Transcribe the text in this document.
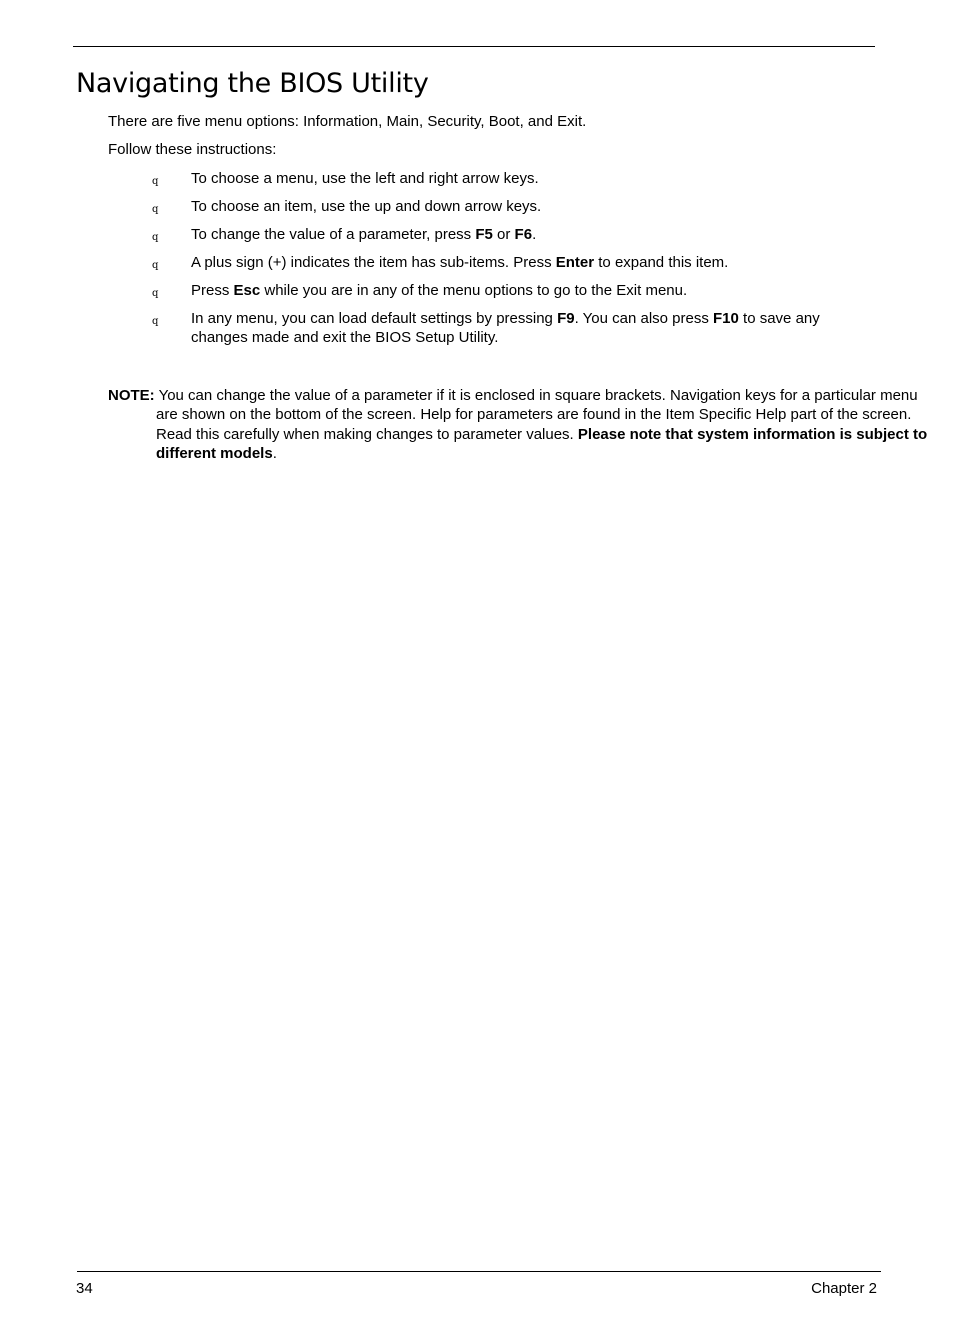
Navigating the BIOS Utility

There are five menu options: Information, Main, Security, Boot, and Exit.

Follow these instructions:

q To choose a menu, use the left and right arrow keys.
q To choose an item, use the up and down arrow keys.
q To change the value of a parameter, press F5 or F6.
q A plus sign (+) indicates the item has sub-items. Press Enter to expand this item.
q Press Esc while you are in any of the menu options to go to the Exit menu.
q In any menu, you can load default settings by pressing F9. You can also press F10 to save any changes made and exit the BIOS Setup Utility.

NOTE: You can change the value of a parameter if it is enclosed in square brackets. Navigation keys for a particular menu are shown on the bottom of the screen. Help for parameters are found in the Item Specific Help part of the screen. Read this carefully when making changes to parameter values. Please note that system information is subject to different models.

34	Chapter 2
